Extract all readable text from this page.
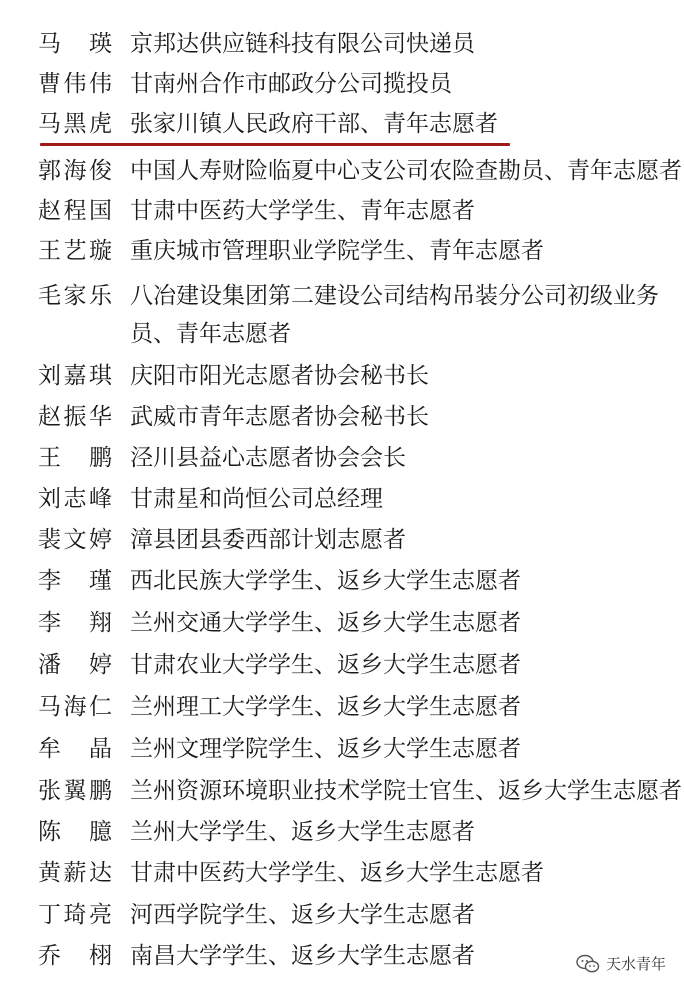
马　瑛 京邦达供应链科技有限公司快递员
曹伟伟 甘南州合作市邮政分公司揽投员
马黑虎 张家川镇人民政府干部、青年志愿者
郭海俊 中国人寿财险临夏中心支公司农险查勘员、青年志愿者
赵程国 甘肃中医药大学学生、青年志愿者
王艺璇 重庆城市管理职业学院学生、青年志愿者
毛家乐 八冶建设集团第二建设公司结构吊装分公司初级业务
员、青年志愿者
刘嘉琪 庆阳市阳光志愿者协会秘书长
赵振华 武威市青年志愿者协会秘书长
王　鹏 泾川县益心志愿者协会会长
刘志峰 甘肃星和尚恒公司总经理
裴文婷 漳县团县委西部计划志愿者
李　瑾 西北民族大学学生、返乡大学生志愿者
李　翔 兰州交通大学学生、返乡大学生志愿者
潘　婷 甘肃农业大学学生、返乡大学生志愿者
马海仁 兰州理工大学学生、返乡大学生志愿者
牟　晶 兰州文理学院学生、返乡大学生志愿者
张翼鹏 兰州资源环境职业技术学院士官生、返乡大学生志愿者
陈　臆 兰州大学学生、返乡大学生志愿者
黄薪达 甘肃中医药大学学生、返乡大学生志愿者
丁琦亮 河西学院学生、返乡大学生志愿者
乔　栩 南昌大学学生、返乡大学生志愿者	天水青年
